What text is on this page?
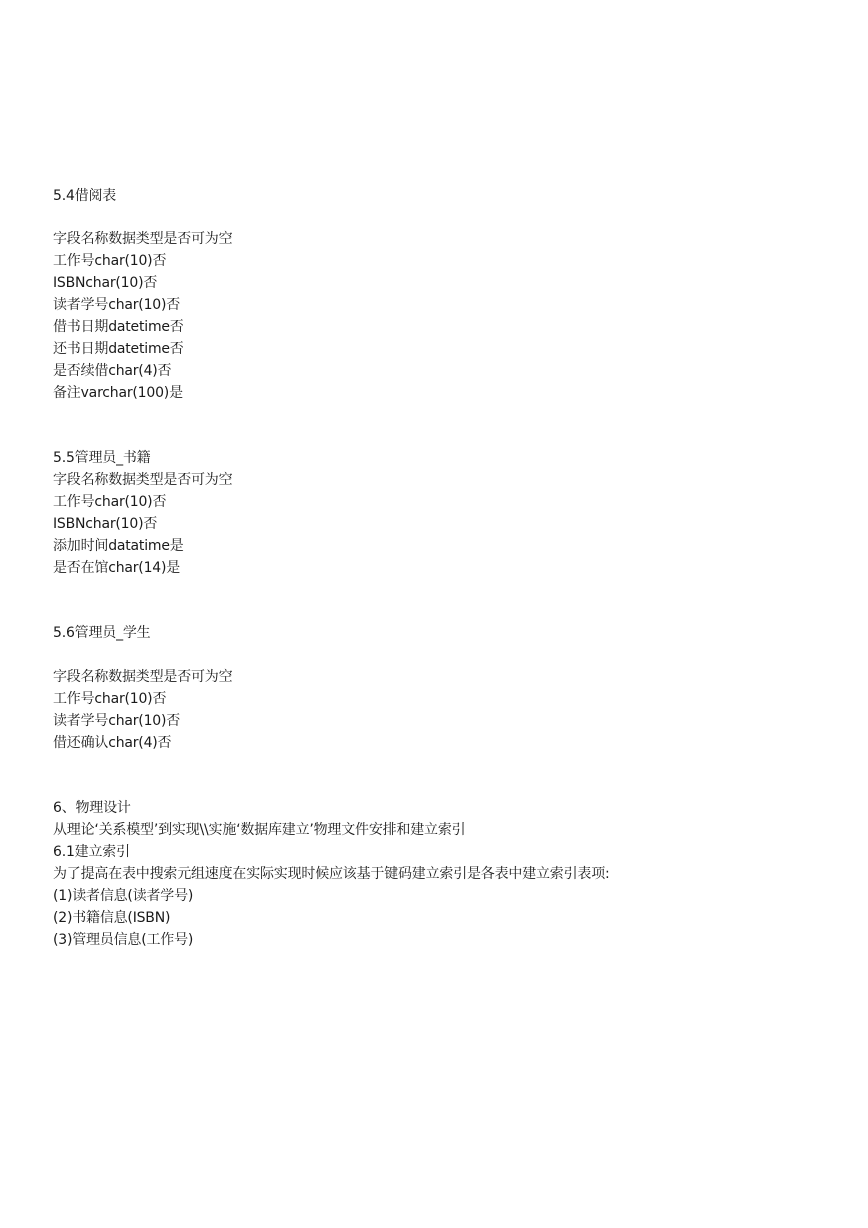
5.4借阅表
字段名称数据类型是否可为空
工作号char(10)否
ISBNchar(10)否
读者学号char(10)否
借书日期datetime否
还书日期datetime否
是否续借char(4)否
备注varchar(100)是
5.5管理员_书籍
字段名称数据类型是否可为空
工作号char(10)否
ISBNchar(10)否
添加时间datatime是
是否在馆char(14)是
5.6管理员_学生
字段名称数据类型是否可为空
工作号char(10)否
读者学号char(10)否
借还确认char(4)否
6、物理设计
从理论‘关系模型’到实现\\实施‘数据库建立’物理文件安排和建立索引
6.1建立索引
为了提高在表中搜索元组速度在实际实现时候应该基于键码建立索引是各表中建立索引表项:
(1)读者信息(读者学号)
(2)书籍信息(ISBN)
(3)管理员信息(工作号)
